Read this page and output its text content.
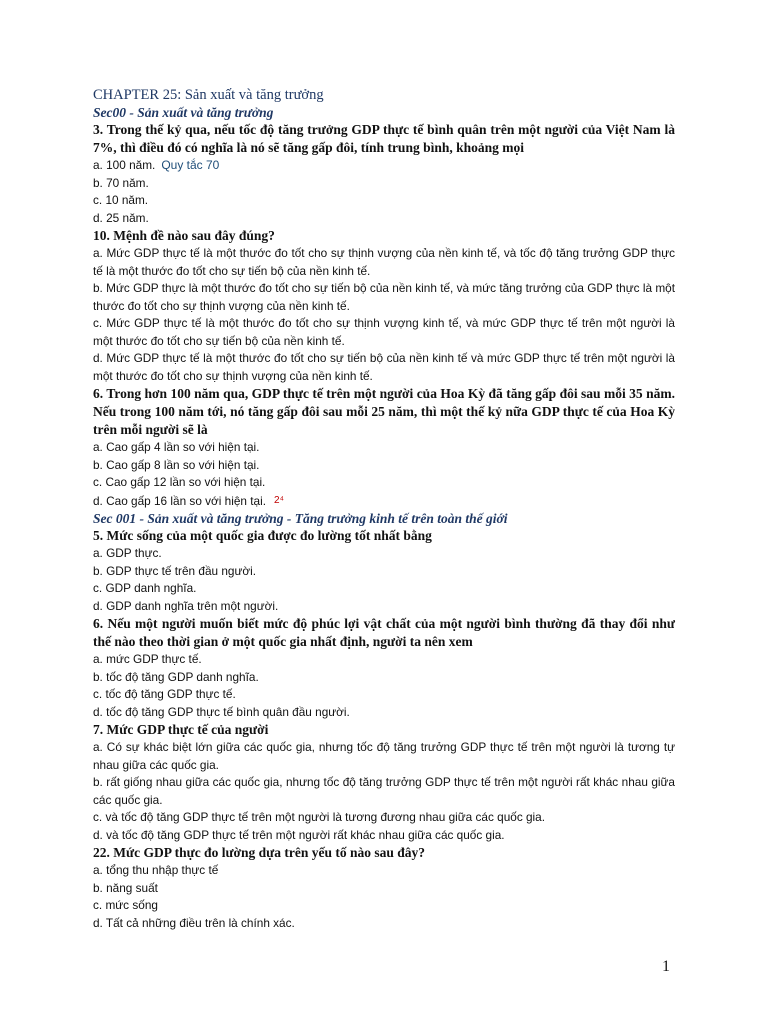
CHAPTER 25: Sản xuất và tăng trưởng

Sec00 - Sản xuất và tăng trưởng

3. Trong thế kỷ qua, nếu tốc độ tăng trưởng GDP thực tế bình quân trên một người của Việt Nam là 7%, thì điều đó có nghĩa là nó sẽ tăng gấp đôi, tính trung bình, khoảng mọi

a. 100 năm. Quy tắc 70

b. 70 năm.

c. 10 năm.

d. 25 năm.

10. Mệnh đề nào sau đây đúng?

a. Mức GDP thực tế là một thước đo tốt cho sự thịnh vượng của nền kinh tế, và tốc độ tăng trưởng GDP thực tế là một thước đo tốt cho sự tiến bộ của nền kinh tế.

b. Mức GDP thực là một thước đo tốt cho sự tiến bộ của nền kinh tế, và mức tăng trưởng của GDP thực là một thước đo tốt cho sự thịnh vượng của nền kinh tế.

c. Mức GDP thực tế là một thước đo tốt cho sự thịnh vượng kinh tế, và mức GDP thực tế trên một người là một thước đo tốt cho sự tiến bộ của nền kinh tế.

d. Mức GDP thực tế là một thước đo tốt cho sự tiến bộ của nền kinh tế và mức GDP thực tế trên một người là một thước đo tốt cho sự thịnh vượng của nền kinh tế.

6. Trong hơn 100 năm qua, GDP thực tế trên một người của Hoa Kỳ đã tăng gấp đôi sau mỗi 35 năm. Nếu trong 100 năm tới, nó tăng gấp đôi sau mỗi 25 năm, thì một thế kỷ nữa GDP thực tế của Hoa Kỳ trên mỗi người sẽ là

a. Cao gấp 4 lần so với hiện tại.

b. Cao gấp 8 lần so với hiện tại.

c. Cao gấp 12 lần so với hiện tại.

d. Cao gấp 16 lần so với hiện tại. 2⁴

Sec 001 - Sản xuất và tăng trưởng - Tăng trưởng kinh tế trên toàn thế giới

5. Mức sống của một quốc gia được đo lường tốt nhất bằng

a. GDP thực.

b. GDP thực tế trên đầu người.

c. GDP danh nghĩa.

d. GDP danh nghĩa trên một người.

6. Nếu một người muốn biết mức độ phúc lợi vật chất của một người bình thường đã thay đổi như thế nào theo thời gian ở một quốc gia nhất định, người ta nên xem

a. mức GDP thực tế.

b. tốc độ tăng GDP danh nghĩa.

c. tốc độ tăng GDP thực tế.

d. tốc độ tăng GDP thực tế bình quân đầu người.

7. Mức GDP thực tế của người

a. Có sự khác biệt lớn giữa các quốc gia, nhưng tốc độ tăng trưởng GDP thực tế trên một người là tương tự nhau giữa các quốc gia.

b. rất giống nhau giữa các quốc gia, nhưng tốc độ tăng trưởng GDP thực tế trên một người rất khác nhau giữa các quốc gia.

c. và tốc độ tăng GDP thực tế trên một người là tương đương nhau giữa các quốc gia.

d. và tốc độ tăng GDP thực tế trên một người rất khác nhau giữa các quốc gia.

22. Mức GDP thực đo lường dựa trên yếu tố nào sau đây?

a. tổng thu nhập thực tế

b. năng suất

c. mức sống

d. Tất cả những điều trên là chính xác.

1
